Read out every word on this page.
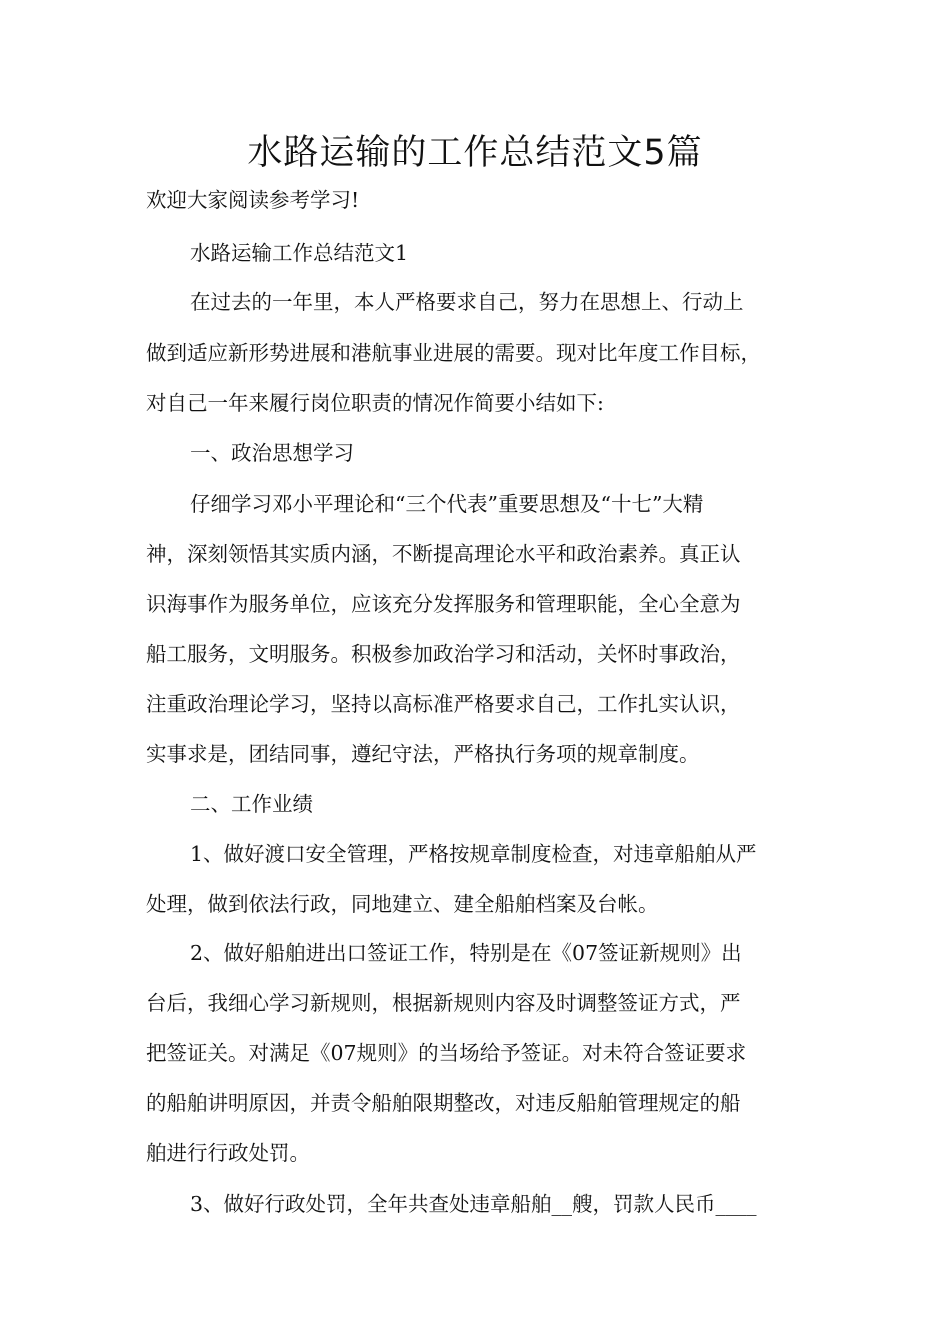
水路运输的工作总结范文5篇

欢迎大家阅读参考学习!

水路运输工作总结范文1

在过去的一年里，本人严格要求自己，努力在思想上、行动上

做到适应新形势进展和港航事业进展的需要。现对比年度工作目标，

对自己一年来履行岗位职责的情况作简要小结如下:

一、政治思想学习

仔细学习邓小平理论和“三个代表”重要思想及“十七”大精

神，深刻领悟其实质内涵，不断提高理论水平和政治素养。真正认

识海事作为服务单位，应该充分发挥服务和管理职能，全心全意为

船工服务，文明服务。积极参加政治学习和活动，关怀时事政治，

注重政治理论学习，坚持以高标准严格要求自己，工作扎实认识，

实事求是，团结同事，遵纪守法，严格执行务项的规章制度。

二、工作业绩

1、做好渡口安全管理，严格按规章制度检查，对违章船舶从严

处理，做到依法行政，同地建立、建全船舶档案及台帐。

2、做好船舶进出口签证工作，特别是在《07签证新规则》出

台后，我细心学习新规则，根据新规则内容及时调整签证方式，严

把签证关。对满足《07规则》的当场给予签证。对未符合签证要求

的船舶讲明原因，并责令船舶限期整改，对违反船舶管理规定的船

舶进行行政处罚。

3、做好行政处罚，全年共查处违章船舶__艘，罚款人民币____
